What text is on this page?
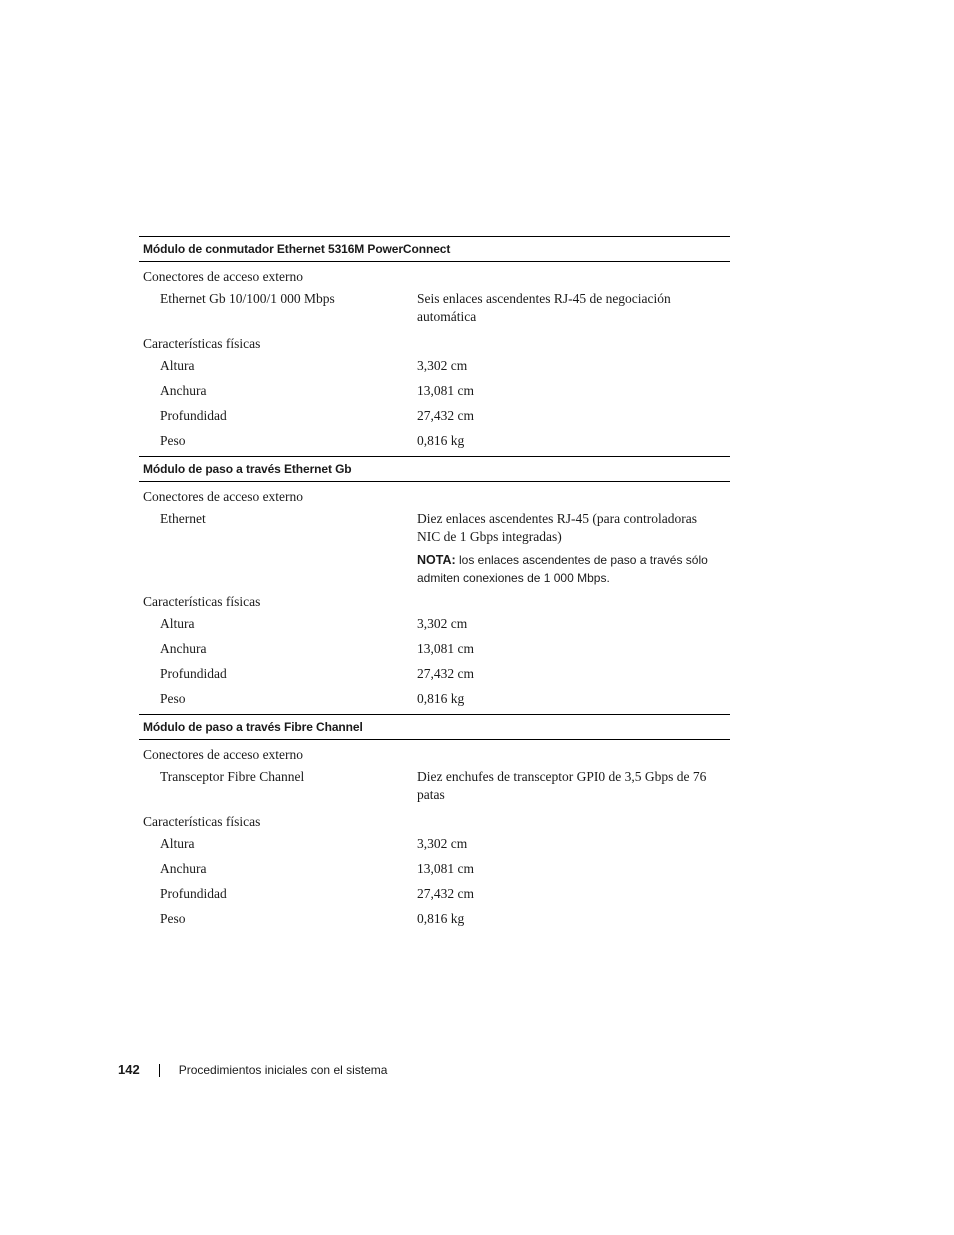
Módulo de conmutador Ethernet 5316M PowerConnect
Conectores de acceso externo
Ethernet Gb 10/100/1 000 Mbps	Seis enlaces ascendentes RJ-45 de negociación automática
Características físicas
Altura	3,302 cm
Anchura	13,081 cm
Profundidad	27,432 cm
Peso	0,816 kg
Módulo de paso a través Ethernet Gb
Conectores de acceso externo
Ethernet	Diez enlaces ascendentes RJ-45 (para controladoras NIC de 1 Gbps integradas)
NOTA: los enlaces ascendentes de paso a través sólo admiten conexiones de 1 000 Mbps.
Características físicas
Altura	3,302 cm
Anchura	13,081 cm
Profundidad	27,432 cm
Peso	0,816 kg
Módulo de paso a través Fibre Channel
Conectores de acceso externo
Transceptor Fibre Channel	Diez enchufes de transceptor GPI0 de 3,5 Gbps de 76 patas
Características físicas
Altura	3,302 cm
Anchura	13,081 cm
Profundidad	27,432 cm
Peso	0,816 kg
142	Procedimientos iniciales con el sistema
